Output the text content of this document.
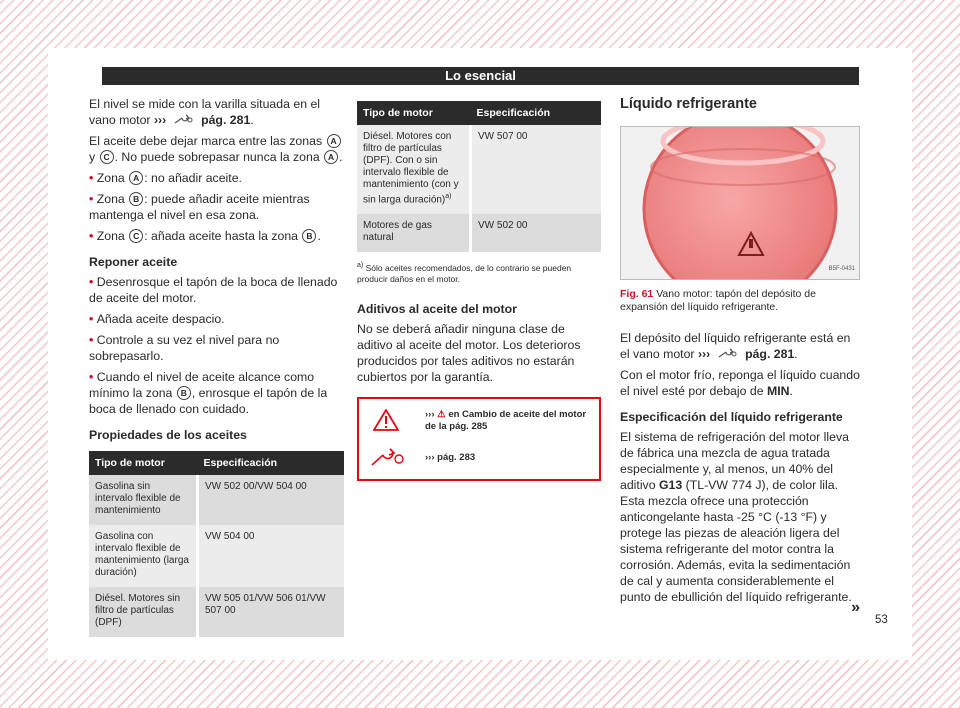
Lo esencial

El nivel se mide con la varilla situada en el vano motor ›››	pág. 281.

El aceite debe dejar marca entre las zonas A y C . No puede sobrepasar nunca la zona A .

• Zona A : no añadir aceite.
• Zona B : puede añadir aceite mientras mantenga el nivel en esa zona.
• Zona C : añada aceite hasta la zona B .
Reponer aceite
• Desenrosque el tapón de la boca de llenado de aceite del motor.
• Añada aceite despacio.
• Controle a su vez el nivel para no sobrepasarlo.
• Cuando el nivel de aceite alcance como mínimo la zona B , enrosque el tapón de la boca de llenado con cuidado.
Propiedades de los aceites
Tipo de motor	Especificación
Gasolina sin intervalo flexible de mantenimiento	VW 502 00/VW 504 00
Gasolina con intervalo flexible de mantenimiento (larga duración)	VW 504 00
Diésel. Motores sin filtro de partículas (DPF)	VW 505 01/VW 506 01/VW 507 00
Tipo de motor	Especificación
Diésel. Motores con filtro de partículas (DPF). Con o sin intervalo flexible de mantenimiento (con y sin larga duración)$^{a)}$	VW 507 00
Motores de gas natural	VW 502 00
$^{a)}$ Sólo aceites recomendados, de lo contrario se pueden producir daños en el motor.
Aditivos al aceite del motor

No se deberá añadir ninguna clase de aditivo al aceite del motor. Los deterioros producidos por tales aditivos no estarán cubiertos por la garantía.

››› ⚠ en Cambio de aceite del motor de la pág. 285
››› pág. 283
Líquido refrigerante
B5F-0431
Fig. 61 Vano motor: tapón del depósito de expansión del líquido refrigerante.

El depósito del líquido refrigerante está en el vano motor ›››	pág. 281.

Con el motor frío, reponga el líquido cuando el nivel esté por debajo de MIN.

Especificación del líquido refrigerante

El sistema de refrigeración del motor lleva de fábrica una mezcla de agua tratada especialmente y, al menos, un 40% del aditivo G13 (TL-VW 774 J), de color lila. Esta mezcla ofrece una protección anticongelante hasta -25 °C (-13 °F) y protege las piezas de aleación ligera del sistema refrigerante del motor contra la corrosión. Además, evita la sedimentación de cal y aumenta considerablemente el punto de ebullición del líquido refrigerante.

»
53
